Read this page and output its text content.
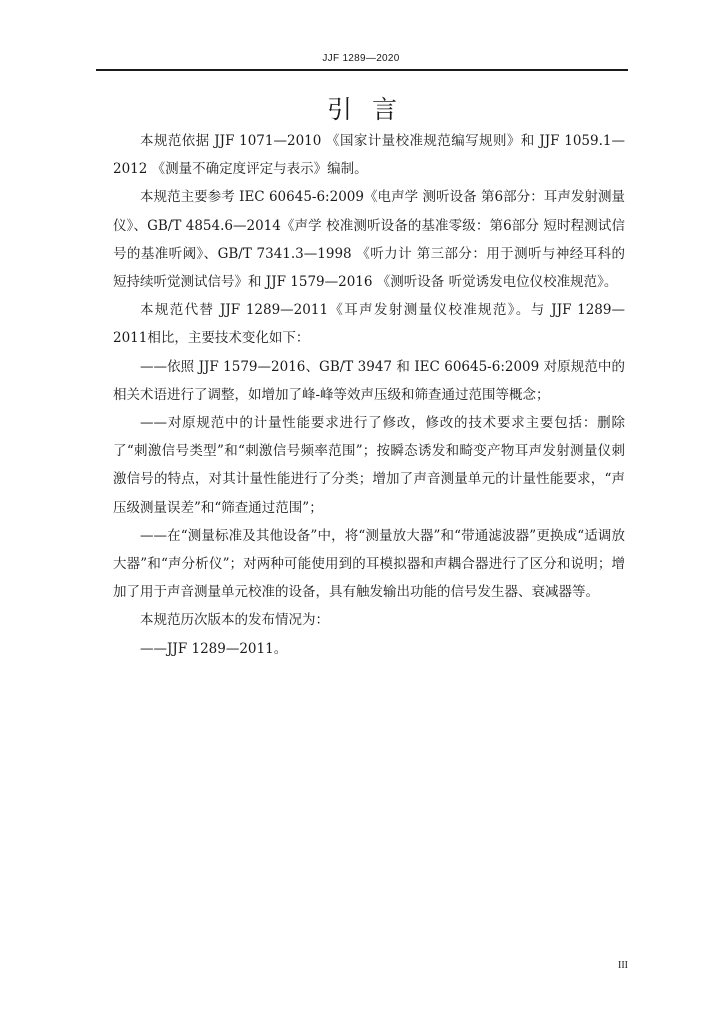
JJF 1289—2020
引言

本规范依据 JJF 1071—2010 《国家计量校准规范编写规则》和 JJF 1059.1—2012 《测量不确定度评定与表示》编制。

本规范主要参考 IEC 60645-6:2009《电声学 测听设备 第6部分：耳声发射测量仪》、GB/T 4854.6—2014《声学 校准测听设备的基准零级：第6部分 短时程测试信号的基准听阈》、GB/T 7341.3—1998 《听力计 第三部分：用于测听与神经耳科的短持续听觉测试信号》和 JJF 1579—2016 《测听设备 听觉诱发电位仪校准规范》。

本规范代替 JJF 1289—2011《耳声发射测量仪校准规范》。与 JJF 1289—2011相比，主要技术变化如下：

——依照 JJF 1579—2016、GB/T 3947 和 IEC 60645-6:2009 对原规范中的相关术语进行了调整，如增加了峰-峰等效声压级和筛查通过范围等概念；

——对原规范中的计量性能要求进行了修改，修改的技术要求主要包括：删除了“刺激信号类型”和“刺激信号频率范围”；按瞬态诱发和畸变产物耳声发射测量仪刺激信号的特点，对其计量性能进行了分类；增加了声音测量单元的计量性能要求，“声压级测量误差”和“筛查通过范围”；

——在“测量标准及其他设备”中，将“测量放大器”和“带通滤波器”更换成“适调放大器”和“声分析仪”；对两种可能使用到的耳模拟器和声耦合器进行了区分和说明；增加了用于声音测量单元校准的设备，具有触发输出功能的信号发生器、衰减器等。

本规范历次版本的发布情况为：

——JJF 1289—2011。

III
